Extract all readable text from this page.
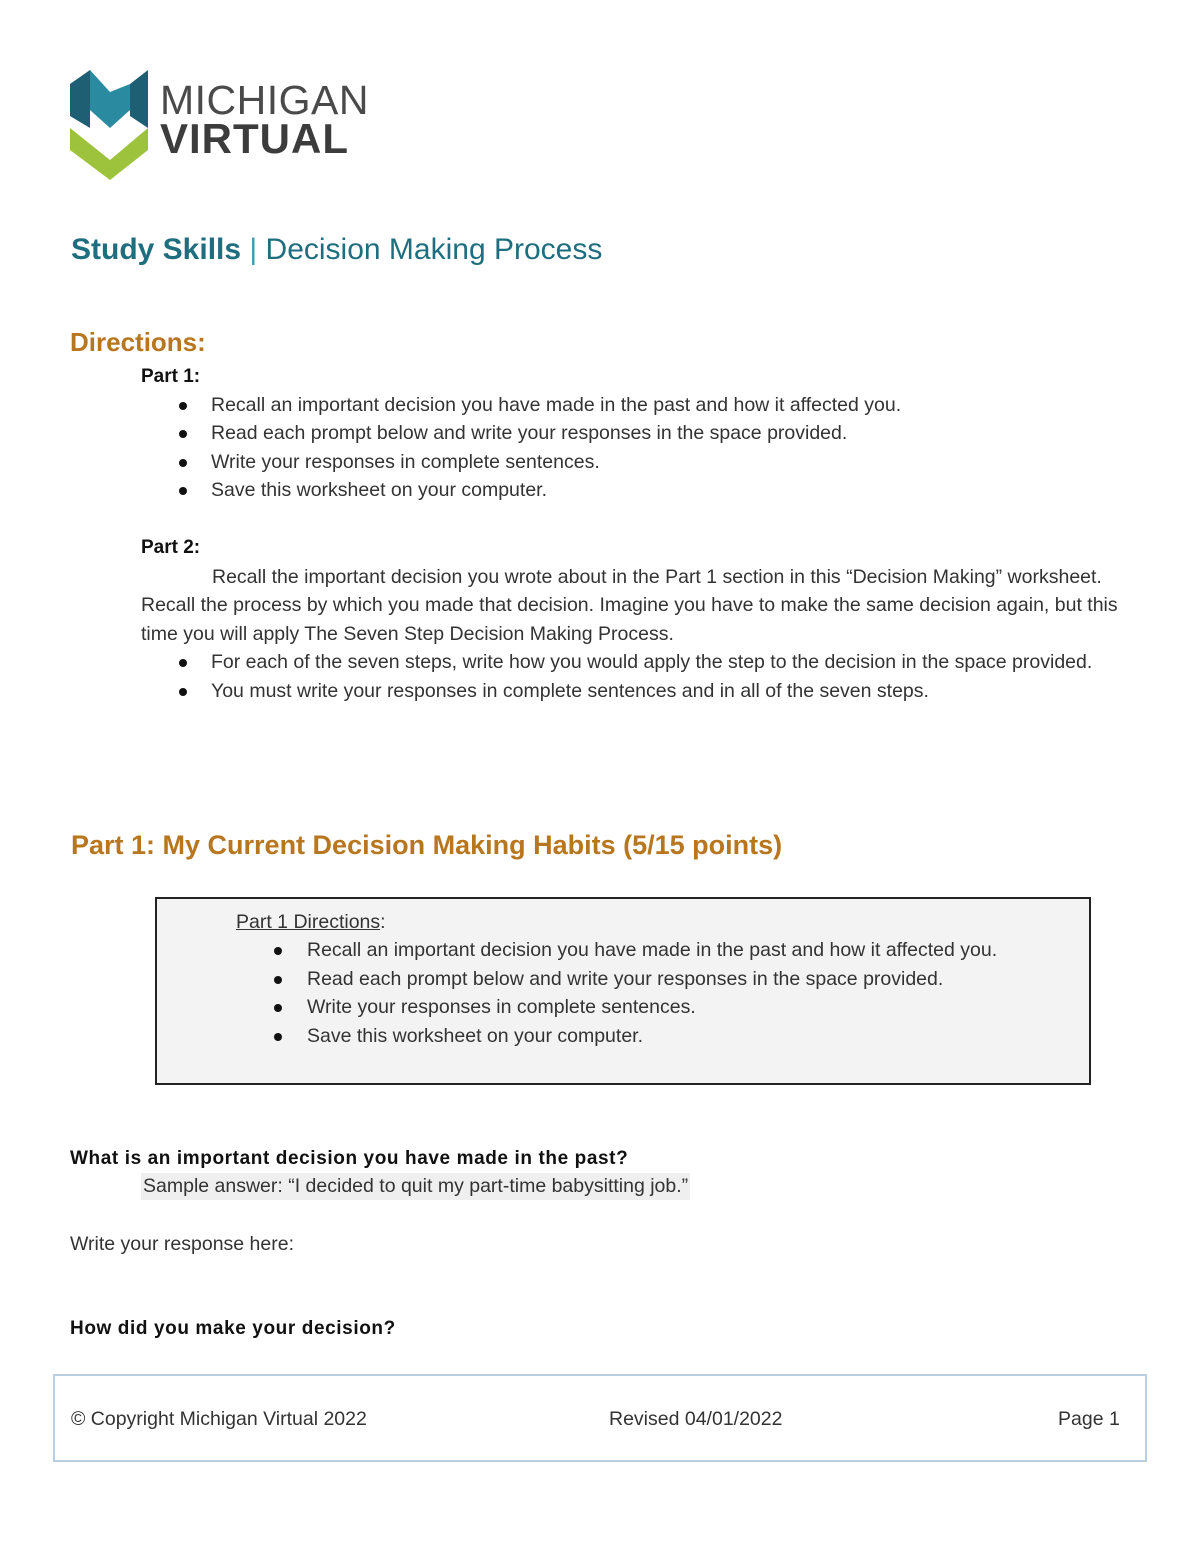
MICHIGAN
VIRTUAL
Study Skills | Decision Making Process
Directions:
Part 1:
Recall an important decision you have made in the past and how it affected you.
Read each prompt below and write your responses in the space provided.
Write your responses in complete sentences.
Save this worksheet on your computer.
Part 2:
Recall the important decision you wrote about in the Part 1 section in this “Decision Making” worksheet. Recall the process by which you made that decision. Imagine you have to make the same decision again, but this time you will apply The Seven Step Decision Making Process.
For each of the seven steps, write how you would apply the step to the decision in the space provided.
You must write your responses in complete sentences and in all of the seven steps.
Part 1: My Current Decision Making Habits (5/15 points)
Part 1 Directions:
Recall an important decision you have made in the past and how it affected you.
Read each prompt below and write your responses in the space provided.
Write your responses in complete sentences.
Save this worksheet on your computer.
What is an important decision you have made in the past?
Sample answer: “I decided to quit my part-time babysitting job.”
Write your response here:
How did you make your decision?
© Copyright Michigan Virtual 2022	Revised 04/01/2022	Page 1
